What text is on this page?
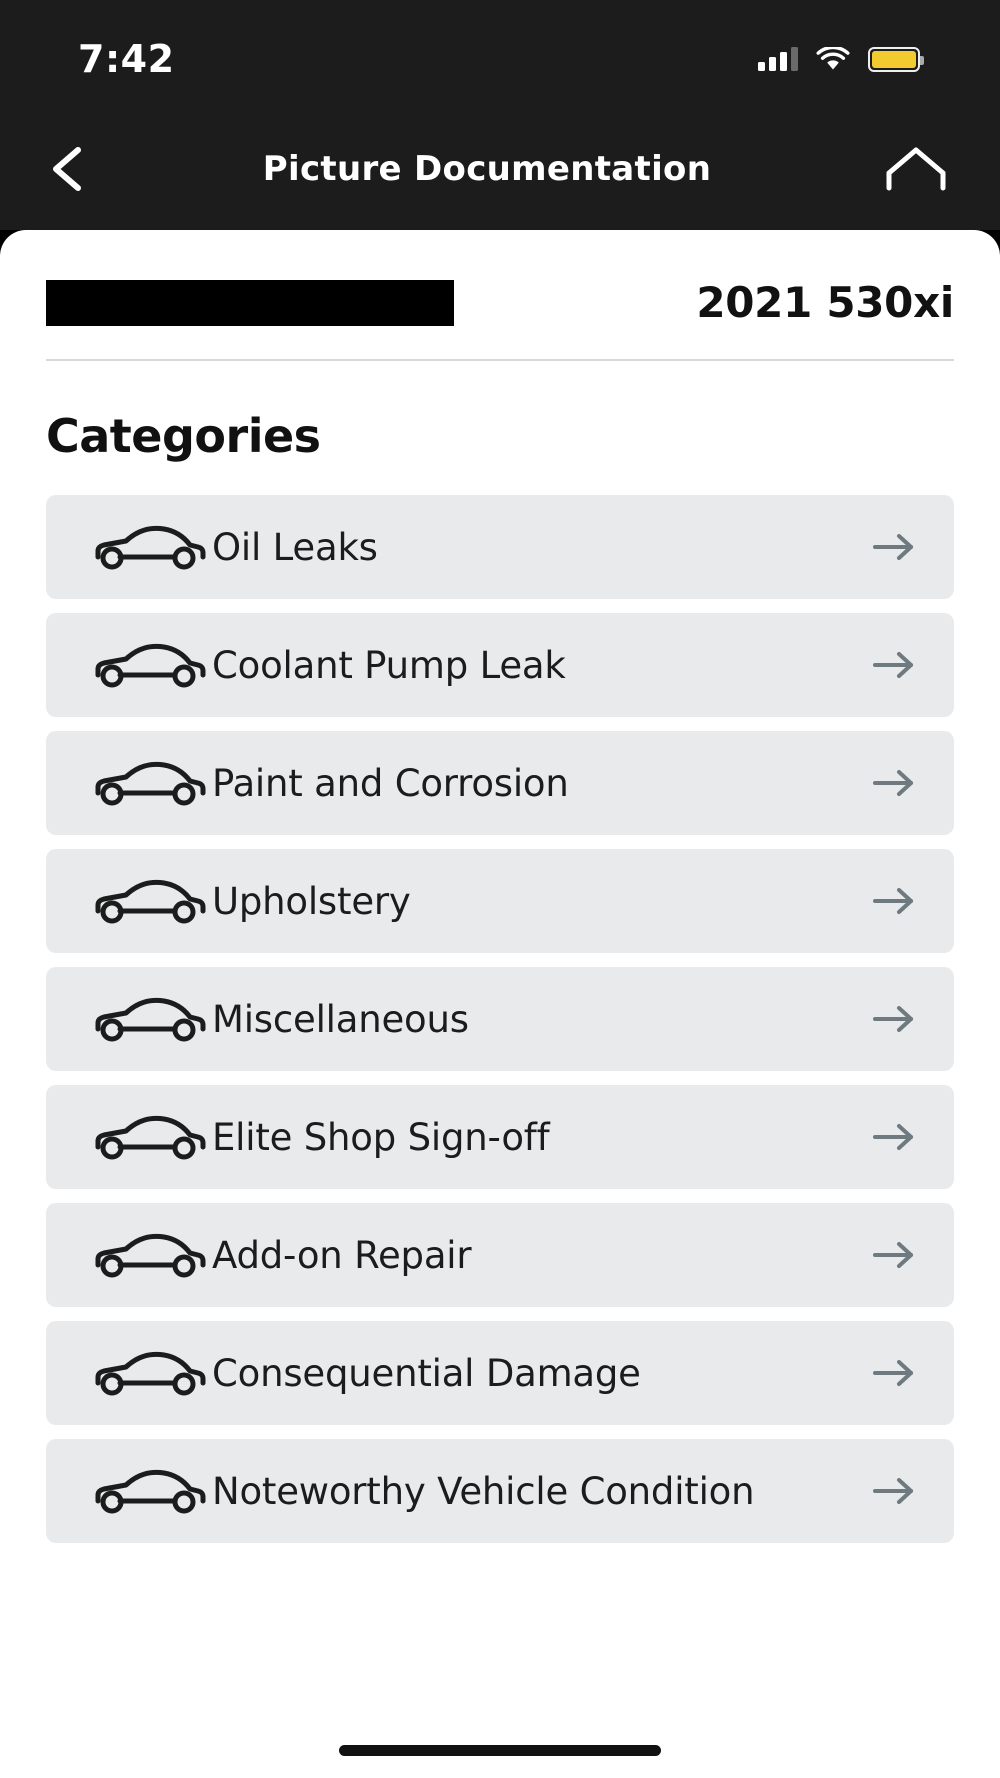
7:42
Picture Documentation
2021 530xi
Categories
Oil Leaks
Coolant Pump Leak
Paint and Corrosion
Upholstery
Miscellaneous
Elite Shop Sign-off
Add-on Repair
Consequential Damage
Noteworthy Vehicle Condition
